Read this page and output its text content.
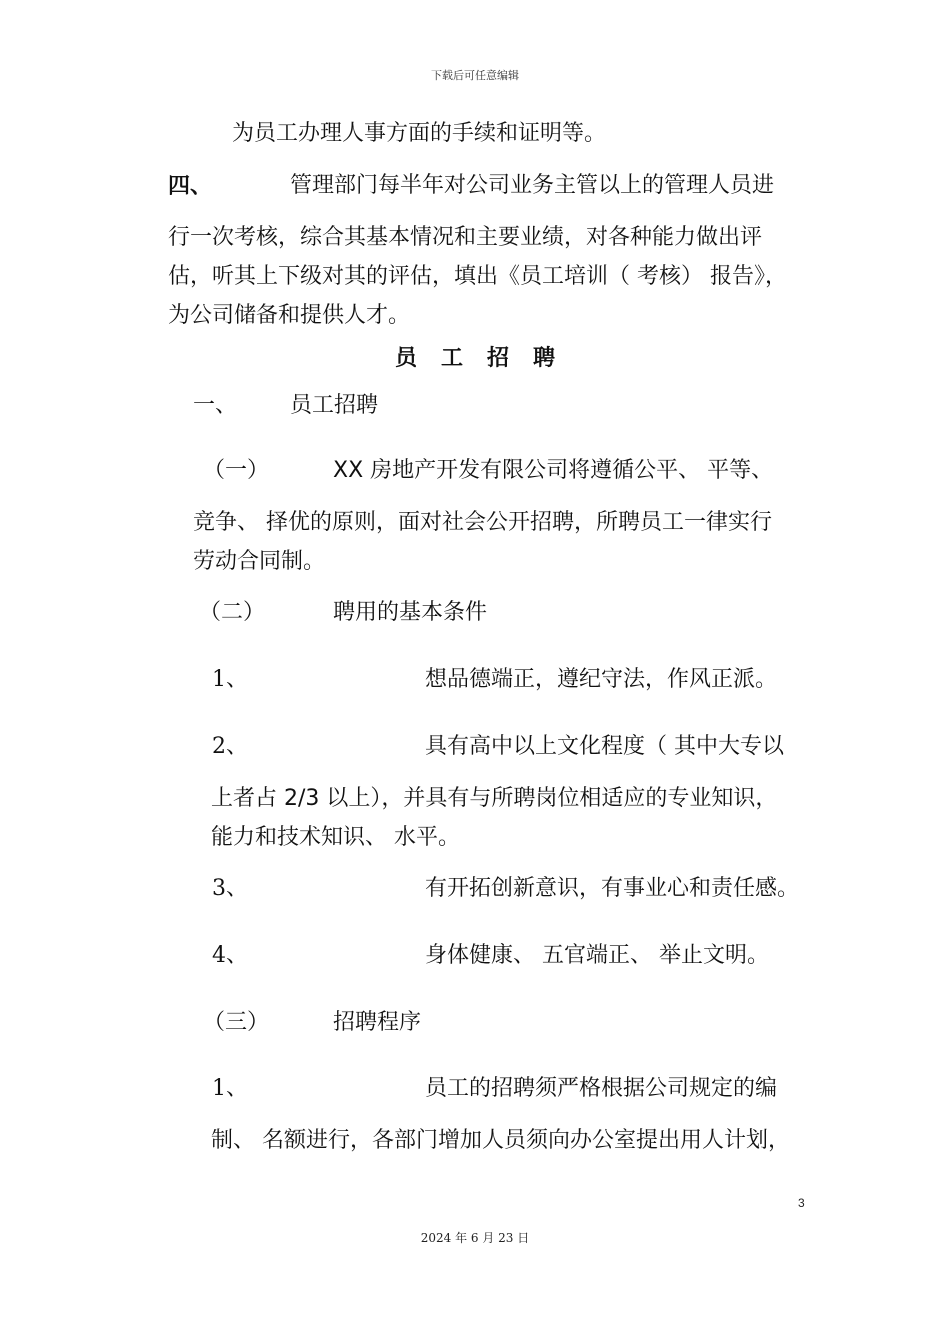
下载后可任意编辑
为员工办理人事方面的手续和证明等。
四、	管理部门每半年对公司业务主管以上的管理人员进
行一次考核，综合其基本情况和主要业绩，对各种能力做出评
估，听其上下级对其的评估，填出《员工培训（ 考核） 报告》，
为公司储备和提供人才。
员工招聘
一、 员工招聘
（一）	XX 房地产开发有限公司将遵循公平、 平等、
竞争、 择优的原则，面对社会公开招聘，所聘员工一律实行
劳动合同制。
（二）	聘用的基本条件
1、	想品德端正，遵纪守法，作风正派。
2、	具有高中以上文化程度（ 其中大专以
上者占 2/3 以上），并具有与所聘岗位相适应的专业知识，
能力和技术知识、 水平。
3、	有开拓创新意识，有事业心和责任感。
4、	身体健康、 五官端正、 举止文明。
（三）	招聘程序
1、	员工的招聘须严格根据公司规定的编
制、 名额进行，各部门增加人员须向办公室提出用人计划，
3
2024 年 6 月 23 日
